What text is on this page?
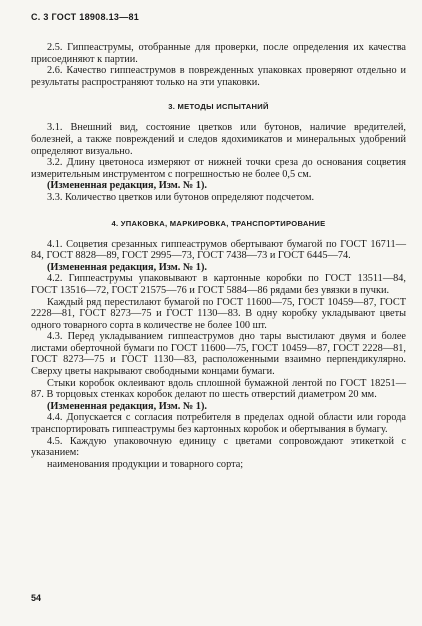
С. 3 ГОСТ 18908.13—81

2.5. Гиппеаструмы, отобранные для проверки, после определения их качества присоединяют к партии.

2.6. Качество гиппеаструмов в поврежденных упаковках проверяют отдельно и результаты распространяют только на эти упаковки.

3. МЕТОДЫ ИСПЫТАНИЙ

3.1. Внешний вид, состояние цветков или бутонов, наличие вредителей, болезней, а также повреждений и следов ядохимикатов и минеральных удобрений определяют визуально.

3.2. Длину цветоноса измеряют от нижней точки среза до основания соцветия измерительным инструментом с погрешностью не более 0,5 см.

(Измененная редакция, Изм. № 1).

3.3. Количество цветков или бутонов определяют подсчетом.

4. УПАКОВКА, МАРКИРОВКА, ТРАНСПОРТИРОВАНИЕ

4.1. Соцветия срезанных гиппеаструмов обертывают бумагой по ГОСТ 16711—84, ГОСТ 8828—89, ГОСТ 2995—73, ГОСТ 7438—73 и ГОСТ 6445—74.

(Измененная редакция, Изм. № 1).

4.2. Гиппеаструмы упаковывают в картонные коробки по ГОСТ 13511—84, ГОСТ 13516—72, ГОСТ 21575—76 и ГОСТ 5884—86 рядами без увязки в пучки.

Каждый ряд перестилают бумагой по ГОСТ 11600—75, ГОСТ 10459—87, ГОСТ 2228—81, ГОСТ 8273—75 и ГОСТ 1130—83. В одну коробку укладывают цветы одного товарного сорта в количестве не более 100 шт.

4.3. Перед укладыванием гиппеаструмов дно тары выстилают двумя и более листами оберточной бумаги по ГОСТ 11600—75, ГОСТ 10459—87, ГОСТ 2228—81, ГОСТ 8273—75 и ГОСТ 1130—83, расположенными взаимно перпендикулярно. Сверху цветы накрывают свободными концами бумаги.

Стыки коробок оклеивают вдоль сплошной бумажной лентой по ГОСТ 18251—87. В торцовых стенках коробок делают по шесть отверстий диаметром 20 мм.

(Измененная редакция, Изм. № 1).

4.4. Допускается с согласия потребителя в пределах одной области или города транспортировать гиппеаструмы без картонных коробок и обертывания в бумагу.

4.5. Каждую упаковочную единицу с цветами сопровождают этикеткой с указанием:

наименования продукции и товарного сорта;

54
